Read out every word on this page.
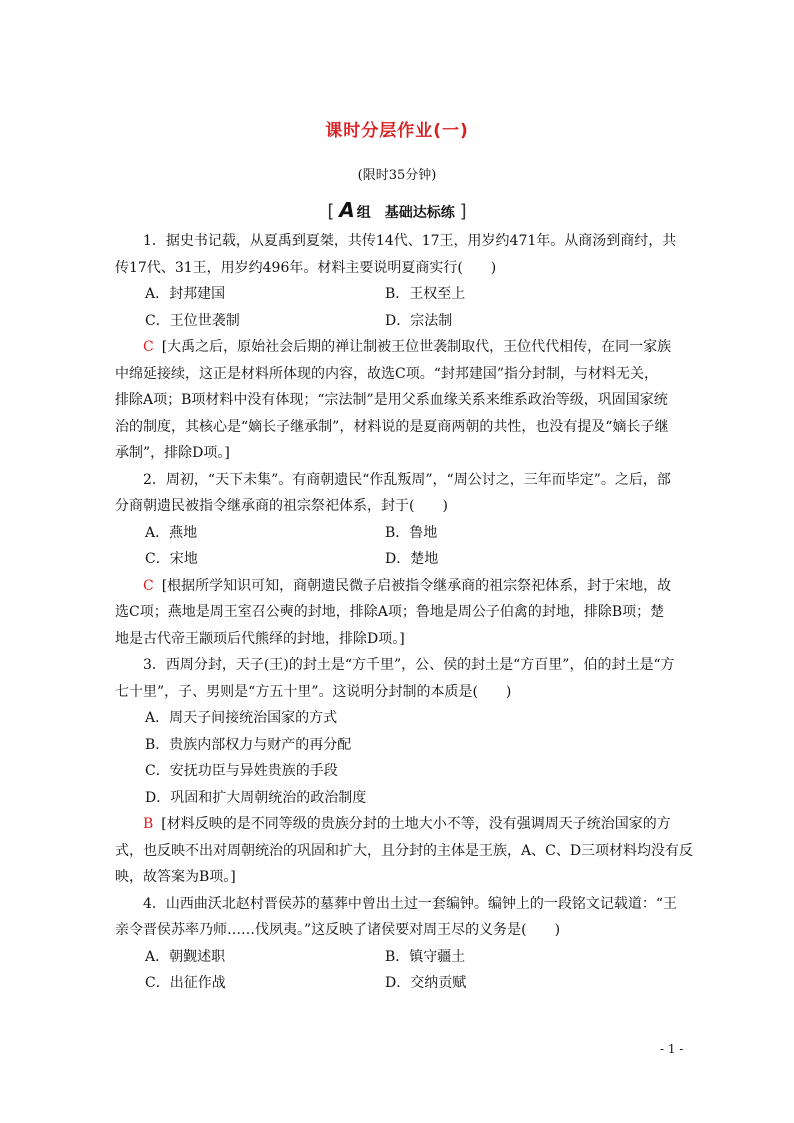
课时分层作业(一)
(限时35分钟)
[ A 组　基础达标练 ]
1．据史书记载，从夏禹到夏桀，共传14代、17王，用岁约471年。从商汤到商纣，共
传17代、31王，用岁约496年。材料主要说明夏商实行(　　)
A．封邦建国	B．王权至上
C．王位世袭制	D．宗法制
C [大禹之后，原始社会后期的禅让制被王位世袭制取代，王位代代相传，在同一家族
中绵延接续，这正是材料所体现的内容，故选C项。“封邦建国”指分封制，与材料无关，
排除A项；B项材料中没有体现；“宗法制”是用父系血缘关系来维系政治等级，巩固国家统
治的制度，其核心是“嫡长子继承制”，材料说的是夏商两朝的共性，也没有提及“嫡长子继
承制”，排除D项。]
2．周初，“天下未集”。有商朝遗民“作乱叛周”，“周公讨之，三年而毕定”。之后，部
分商朝遗民被指令继承商的祖宗祭祀体系，封于(　　)
A．燕地	B．鲁地
C．宋地	D．楚地
C [根据所学知识可知，商朝遗民微子启被指令继承商的祖宗祭祀体系，封于宋地，故
选C项；燕地是周王室召公奭的封地，排除A项；鲁地是周公子伯禽的封地，排除B项；楚
地是古代帝王颛顼后代熊绎的封地，排除D项。]
3．西周分封，天子(王)的封土是“方千里”，公、侯的封土是“方百里”，伯的封土是“方
七十里”，子、男则是“方五十里”。这说明分封制的本质是(　　)
A．周天子间接统治国家的方式
B．贵族内部权力与财产的再分配
C．安抚功臣与异姓贵族的手段
D．巩固和扩大周朝统治的政治制度
B [材料反映的是不同等级的贵族分封的土地大小不等，没有强调周天子统治国家的方
式，也反映不出对周朝统治的巩固和扩大，且分封的主体是王族，A、C、D三项材料均没有反
映，故答案为B项。]
4．山西曲沃北赵村晋侯苏的墓葬中曾出土过一套编钟。编钟上的一段铭文记载道：“王
亲令晋侯苏率乃师……伐夙夷。”这反映了诸侯要对周王尽的义务是(　　)
A．朝觐述职	B．镇守疆土
C．出征作战	D．交纳贡赋
- 1 -
